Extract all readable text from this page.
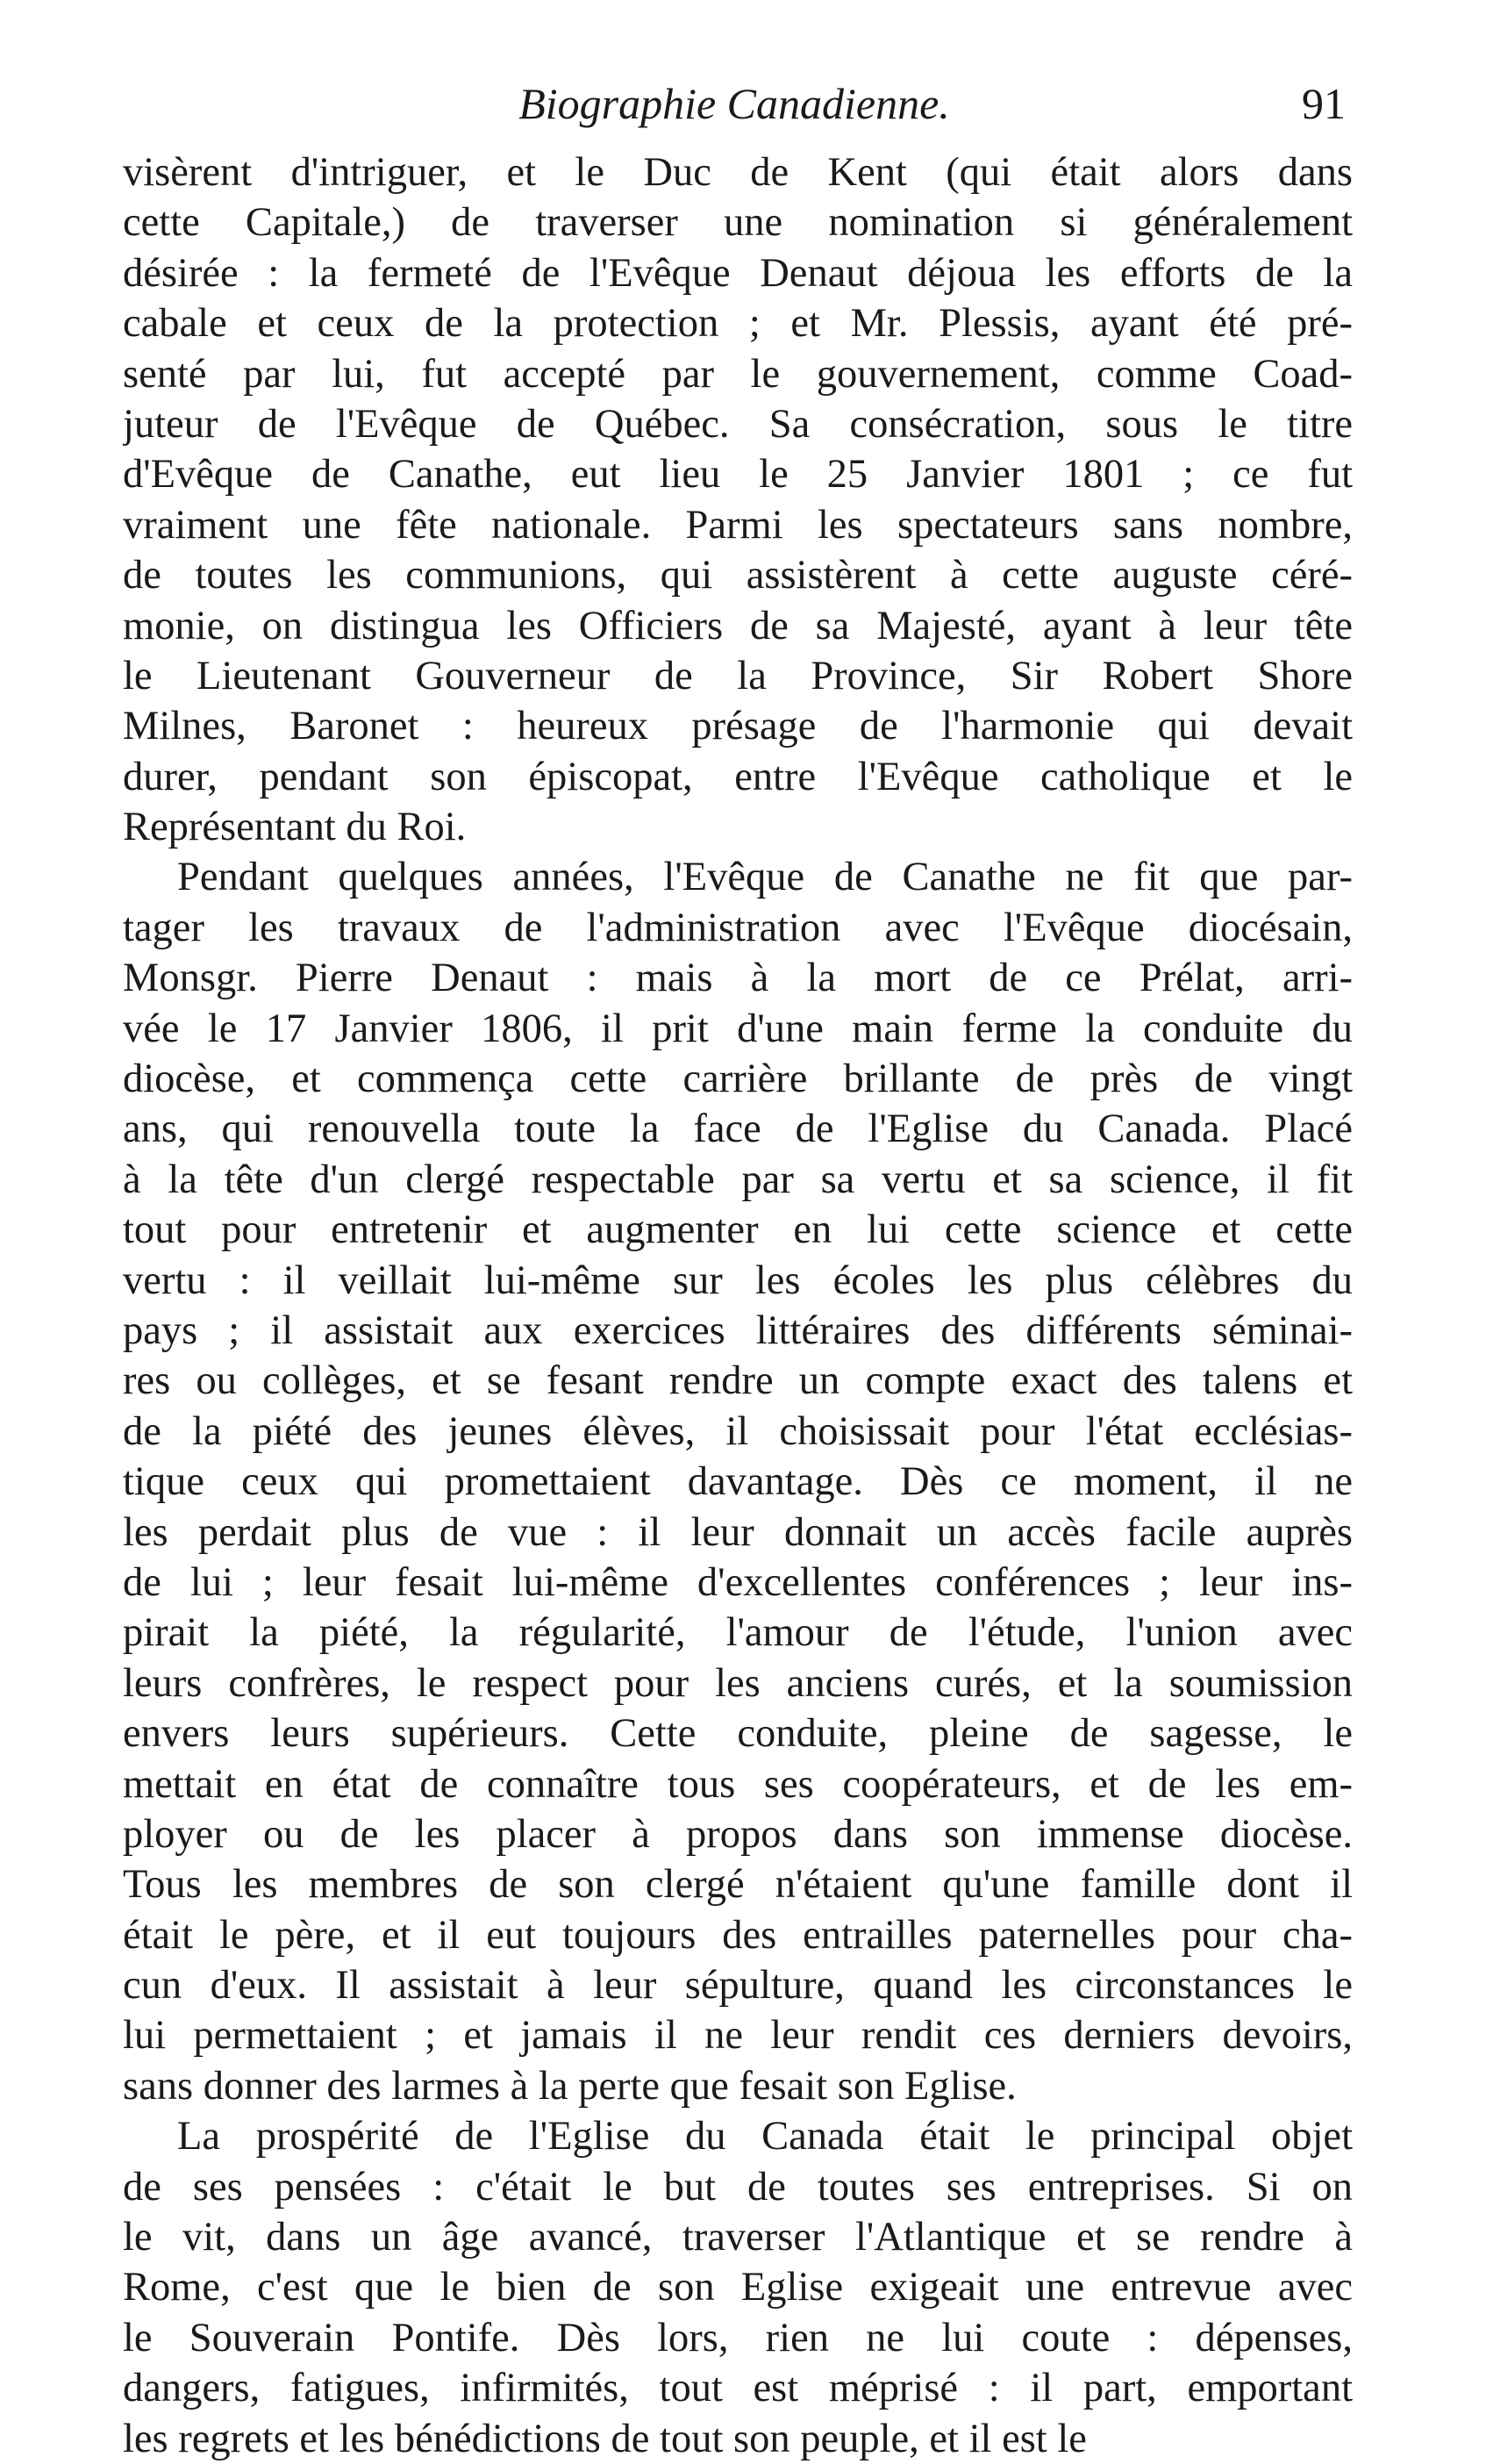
Biographie Canadienne.	91
visèrent d'intriguer, et le Duc de Kent (qui était alors dans
cette Capitale,) de traverser une nomination si généralement
désirée : la fermeté de l'Evêque Denaut déjoua les efforts de la
cabale et ceux de la protection ; et Mr. Plessis, ayant été pré-
senté par lui, fut accepté par le gouvernement, comme Coad-
juteur de l'Evêque de Québec. Sa consécration, sous le titre
d'Evêque de Canathe, eut lieu le 25 Janvier 1801 ; ce fut
vraiment une fête nationale. Parmi les spectateurs sans nombre,
de toutes les communions, qui assistèrent à cette auguste céré-
monie, on distingua les Officiers de sa Majesté, ayant à leur tête
le Lieutenant Gouverneur de la Province, Sir Robert Shore
Milnes, Baronet : heureux présage de l'harmonie qui devait
durer, pendant son épiscopat, entre l'Evêque catholique et le
Représentant du Roi.
Pendant quelques années, l'Evêque de Canathe ne fit que par-
tager les travaux de l'administration avec l'Evêque diocésain,
Monsgr. Pierre Denaut : mais à la mort de ce Prélat, arri-
vée le 17 Janvier 1806, il prit d'une main ferme la conduite du
diocèse, et commença cette carrière brillante de près de vingt
ans, qui renouvella toute la face de l'Eglise du Canada. Placé
à la tête d'un clergé respectable par sa vertu et sa science, il fit
tout pour entretenir et augmenter en lui cette science et cette
vertu : il veillait lui-même sur les écoles les plus célèbres du
pays ; il assistait aux exercices littéraires des différents séminai-
res ou collèges, et se fesant rendre un compte exact des talens et
de la piété des jeunes élèves, il choisissait pour l'état ecclésias-
tique ceux qui promettaient davantage. Dès ce moment, il ne
les perdait plus de vue : il leur donnait un accès facile auprès
de lui ; leur fesait lui-même d'excellentes conférences ; leur ins-
pirait la piété, la régularité, l'amour de l'étude, l'union avec
leurs confrères, le respect pour les anciens curés, et la soumission
envers leurs supérieurs. Cette conduite, pleine de sagesse, le
mettait en état de connaître tous ses coopérateurs, et de les em-
ployer ou de les placer à propos dans son immense diocèse.
Tous les membres de son clergé n'étaient qu'une famille dont il
était le père, et il eut toujours des entrailles paternelles pour cha-
cun d'eux. Il assistait à leur sépulture, quand les circonstances le
lui permettaient ; et jamais il ne leur rendit ces derniers devoirs,
sans donner des larmes à la perte que fesait son Eglise.
La prospérité de l'Eglise du Canada était le principal objet
de ses pensées : c'était le but de toutes ses entreprises. Si on
le vit, dans un âge avancé, traverser l'Atlantique et se rendre à
Rome, c'est que le bien de son Eglise exigeait une entrevue avec
le Souverain Pontife. Dès lors, rien ne lui coute : dépenses,
dangers, fatigues, infirmités, tout est méprisé : il part, emportant
les regrets et les bénédictions de tout son peuple, et il est le
